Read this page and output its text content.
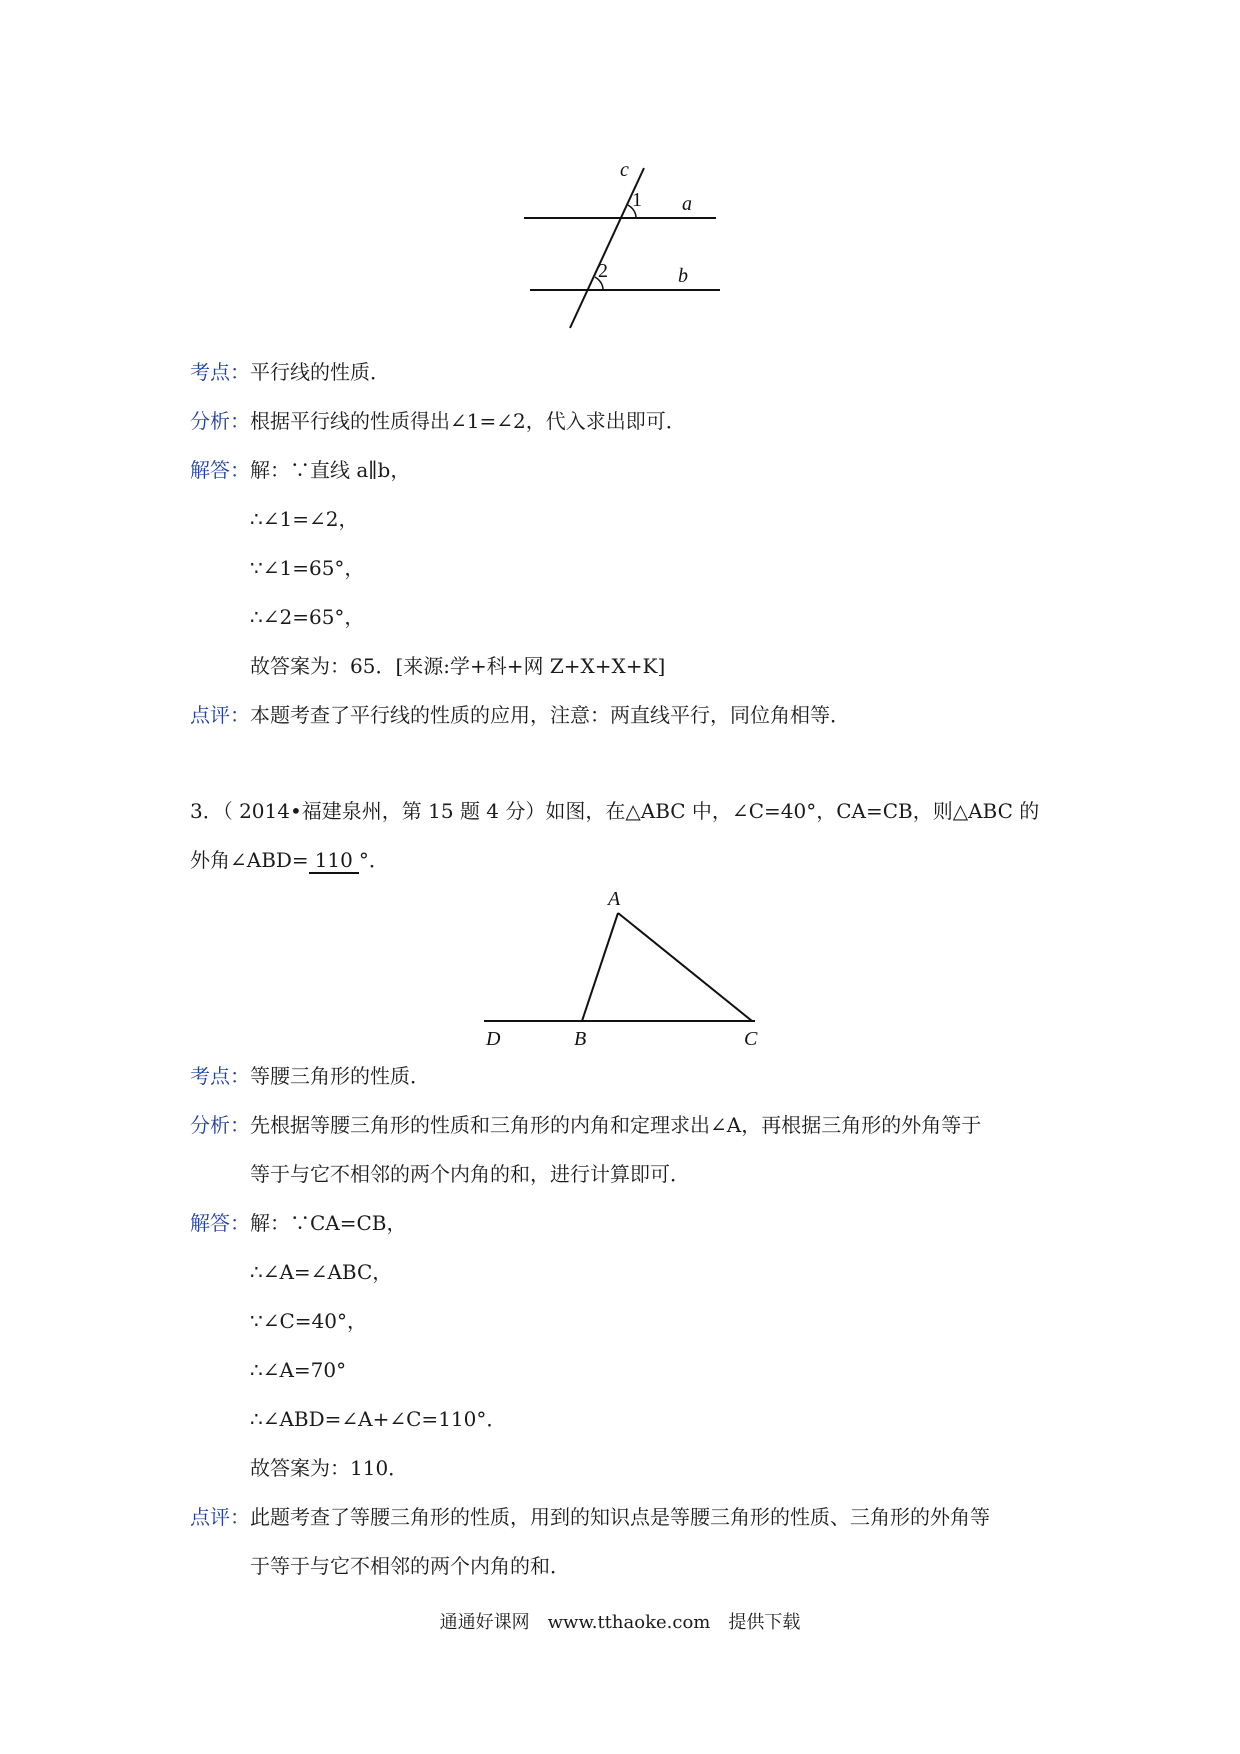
c
1 a
2	b
考点：平行线的性质．
分析：根据平行线的性质得出∠1=∠2，代入求出即可．
解答：解：∵直线 a∥b，
∴∠1=∠2，
∵∠1=65°，
∴∠2=65°，
故答案为：65．[来源:学+科+网 Z+X+X+K]
点评：本题考查了平行线的性质的应用，注意：两直线平行，同位角相等．
3．（ 2014•福建泉州，第 15 题 4 分）如图，在△ABC 中，∠C=40°，CA=CB，则△ABC 的
外角∠ABD= 110 °．
A
D	B	C
考点：等腰三角形的性质．
分析：先根据等腰三角形的性质和三角形的内角和定理求出∠A，再根据三角形的外角等于
等于与它不相邻的两个内角的和，进行计算即可．
解答：解：∵CA=CB，
∴∠A=∠ABC，
∵∠C=40°，
∴∠A=70°
∴∠ABD=∠A+∠C=110°．
故答案为：110．
点评：此题考查了等腰三角形的性质，用到的知识点是等腰三角形的性质、三角形的外角等
于等于与它不相邻的两个内角的和．
通通好课网　www.tthaoke.com　提供下载
